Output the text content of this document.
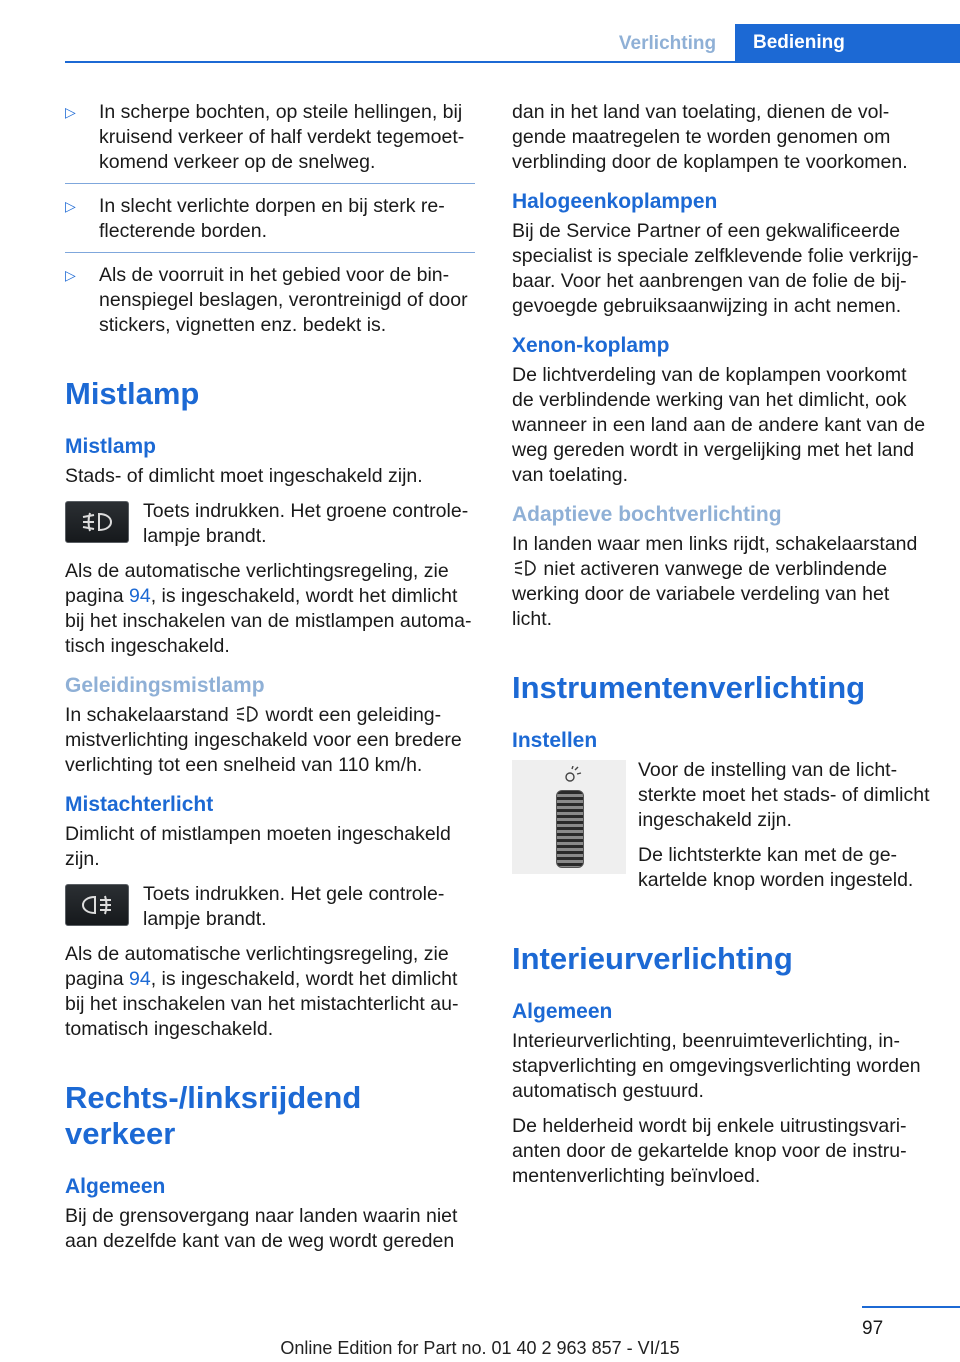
Verlichting	Bediening
▷ In scherpe bochten, op steile hellingen, bij kruisend verkeer of half verdekt tegemoetkomend verkeer op de snelweg.
▷ In slecht verlichte dorpen en bij sterk reflecterende borden.
▷ Als de voorruit in het gebied voor de binnenspiegel beslagen, verontreinigd of door stickers, vignetten enz. bedekt is.
Mistlamp
Mistlamp

Stads- of dimlicht moet ingeschakeld zijn.

Toets indrukken. Het groene controlelampje brandt.

Als de automatische verlichtingsregeling, zie pagina 94, is ingeschakeld, wordt het dimlicht bij het inschakelen van de mistlampen automatisch ingeschakeld.

Geleidingsmistlamp

In schakelaarstand  wordt een geleidingmistverlichting ingeschakeld voor een bredere verlichting tot een snelheid van 110 km/h.

Mistachterlicht

Dimlicht of mistlampen moeten ingeschakeld zijn.

Toets indrukken. Het gele controlelampje brandt.

Als de automatische verlichtingsregeling, zie pagina 94, is ingeschakeld, wordt het dimlicht bij het inschakelen van het mistachterlicht automatisch ingeschakeld.

Rechts-/linksrijdend verkeer
Algemeen

Bij de grensovergang naar landen waarin niet aan dezelfde kant van de weg wordt gereden

dan in het land van toelating, dienen de volgende maatregelen te worden genomen om verblinding door de koplampen te voorkomen.

Halogeenkoplampen

Bij de Service Partner of een gekwalificeerde specialist is speciale zelfklevende folie verkrijgbaar. Voor het aanbrengen van de folie de bijgevoegde gebruiksaanwijzing in acht nemen.

Xenon-koplamp

De lichtverdeling van de koplampen voorkomt de verblindende werking van het dimlicht, ook wanneer in een land aan de andere kant van de weg gereden wordt in vergelijking met het land van toelating.

Adaptieve bochtverlichting

In landen waar men links rijdt, schakelaarstand
niet activeren vanwege de verblindende werking door de variabele verdeling van het licht.

Instrumentenverlichting
Instellen

Voor de instelling van de lichtsterkte moet het stads- of dimlicht ingeschakeld zijn.

De lichtsterkte kan met de gekartelde knop worden ingesteld.

Interieurverlichting
Algemeen

Interieurverlichting, beenruimteverlichting, instapverlichting en omgevingsverlichting worden automatisch gestuurd.

De helderheid wordt bij enkele uitrustingsvarianten door de gekartelde knop voor de instrumentenverlichting beïnvloed.

97
Online Edition for Part no. 01 40 2 963 857 - VI/15
